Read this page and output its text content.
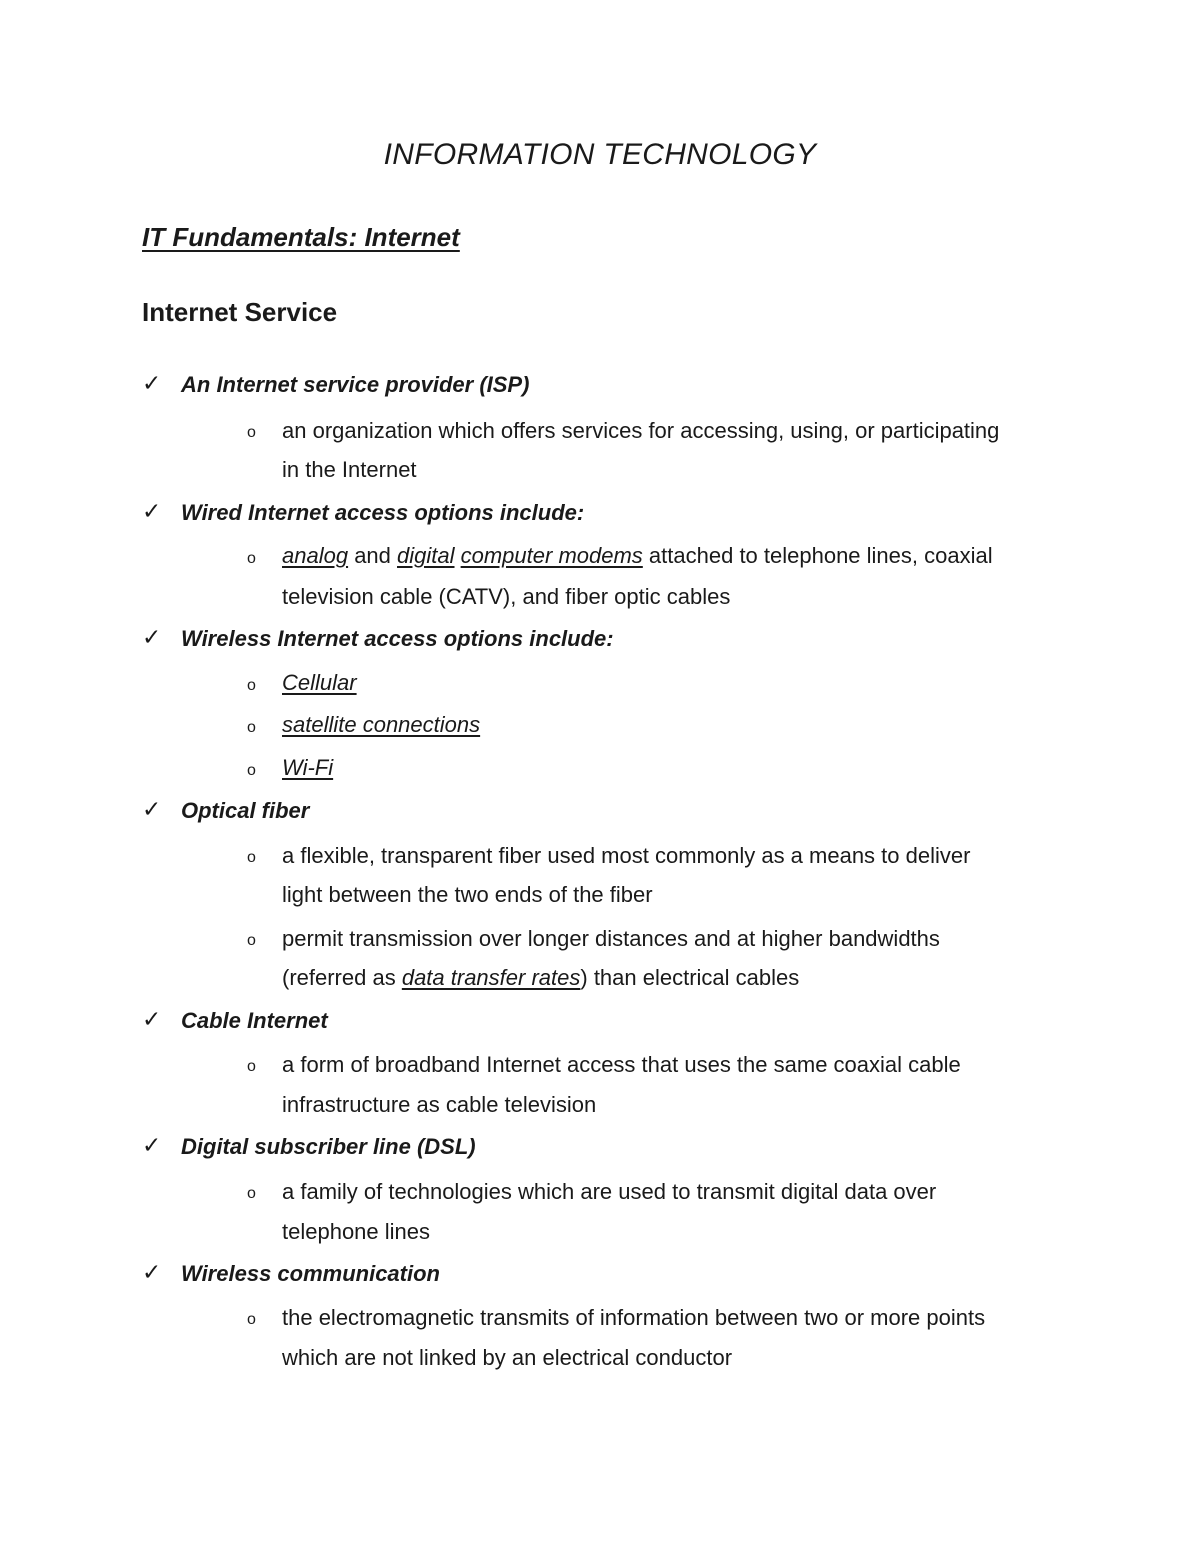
INFORMATION TECHNOLOGY
IT Fundamentals: Internet
Internet Service
✓ An Internet service provider (ISP)
o an organization which offers services for accessing, using, or participating
in the Internet
✓ Wired Internet access options include:
o analog and digital computer modems attached to telephone lines, coaxial
television cable (CATV), and fiber optic cables
✓ Wireless Internet access options include:
o Cellular
o satellite connections
o Wi-Fi
✓ Optical fiber
o a flexible, transparent fiber used most commonly as a means to deliver
light between the two ends of the fiber
o permit transmission over longer distances and at higher bandwidths
(referred as data transfer rates) than electrical cables
✓ Cable Internet
o a form of broadband Internet access that uses the same coaxial cable
infrastructure as cable television
✓ Digital subscriber line (DSL)
o a family of technologies which are used to transmit digital data over
telephone lines
✓ Wireless communication
o the electromagnetic transmits of information between two or more points
which are not linked by an electrical conductor
